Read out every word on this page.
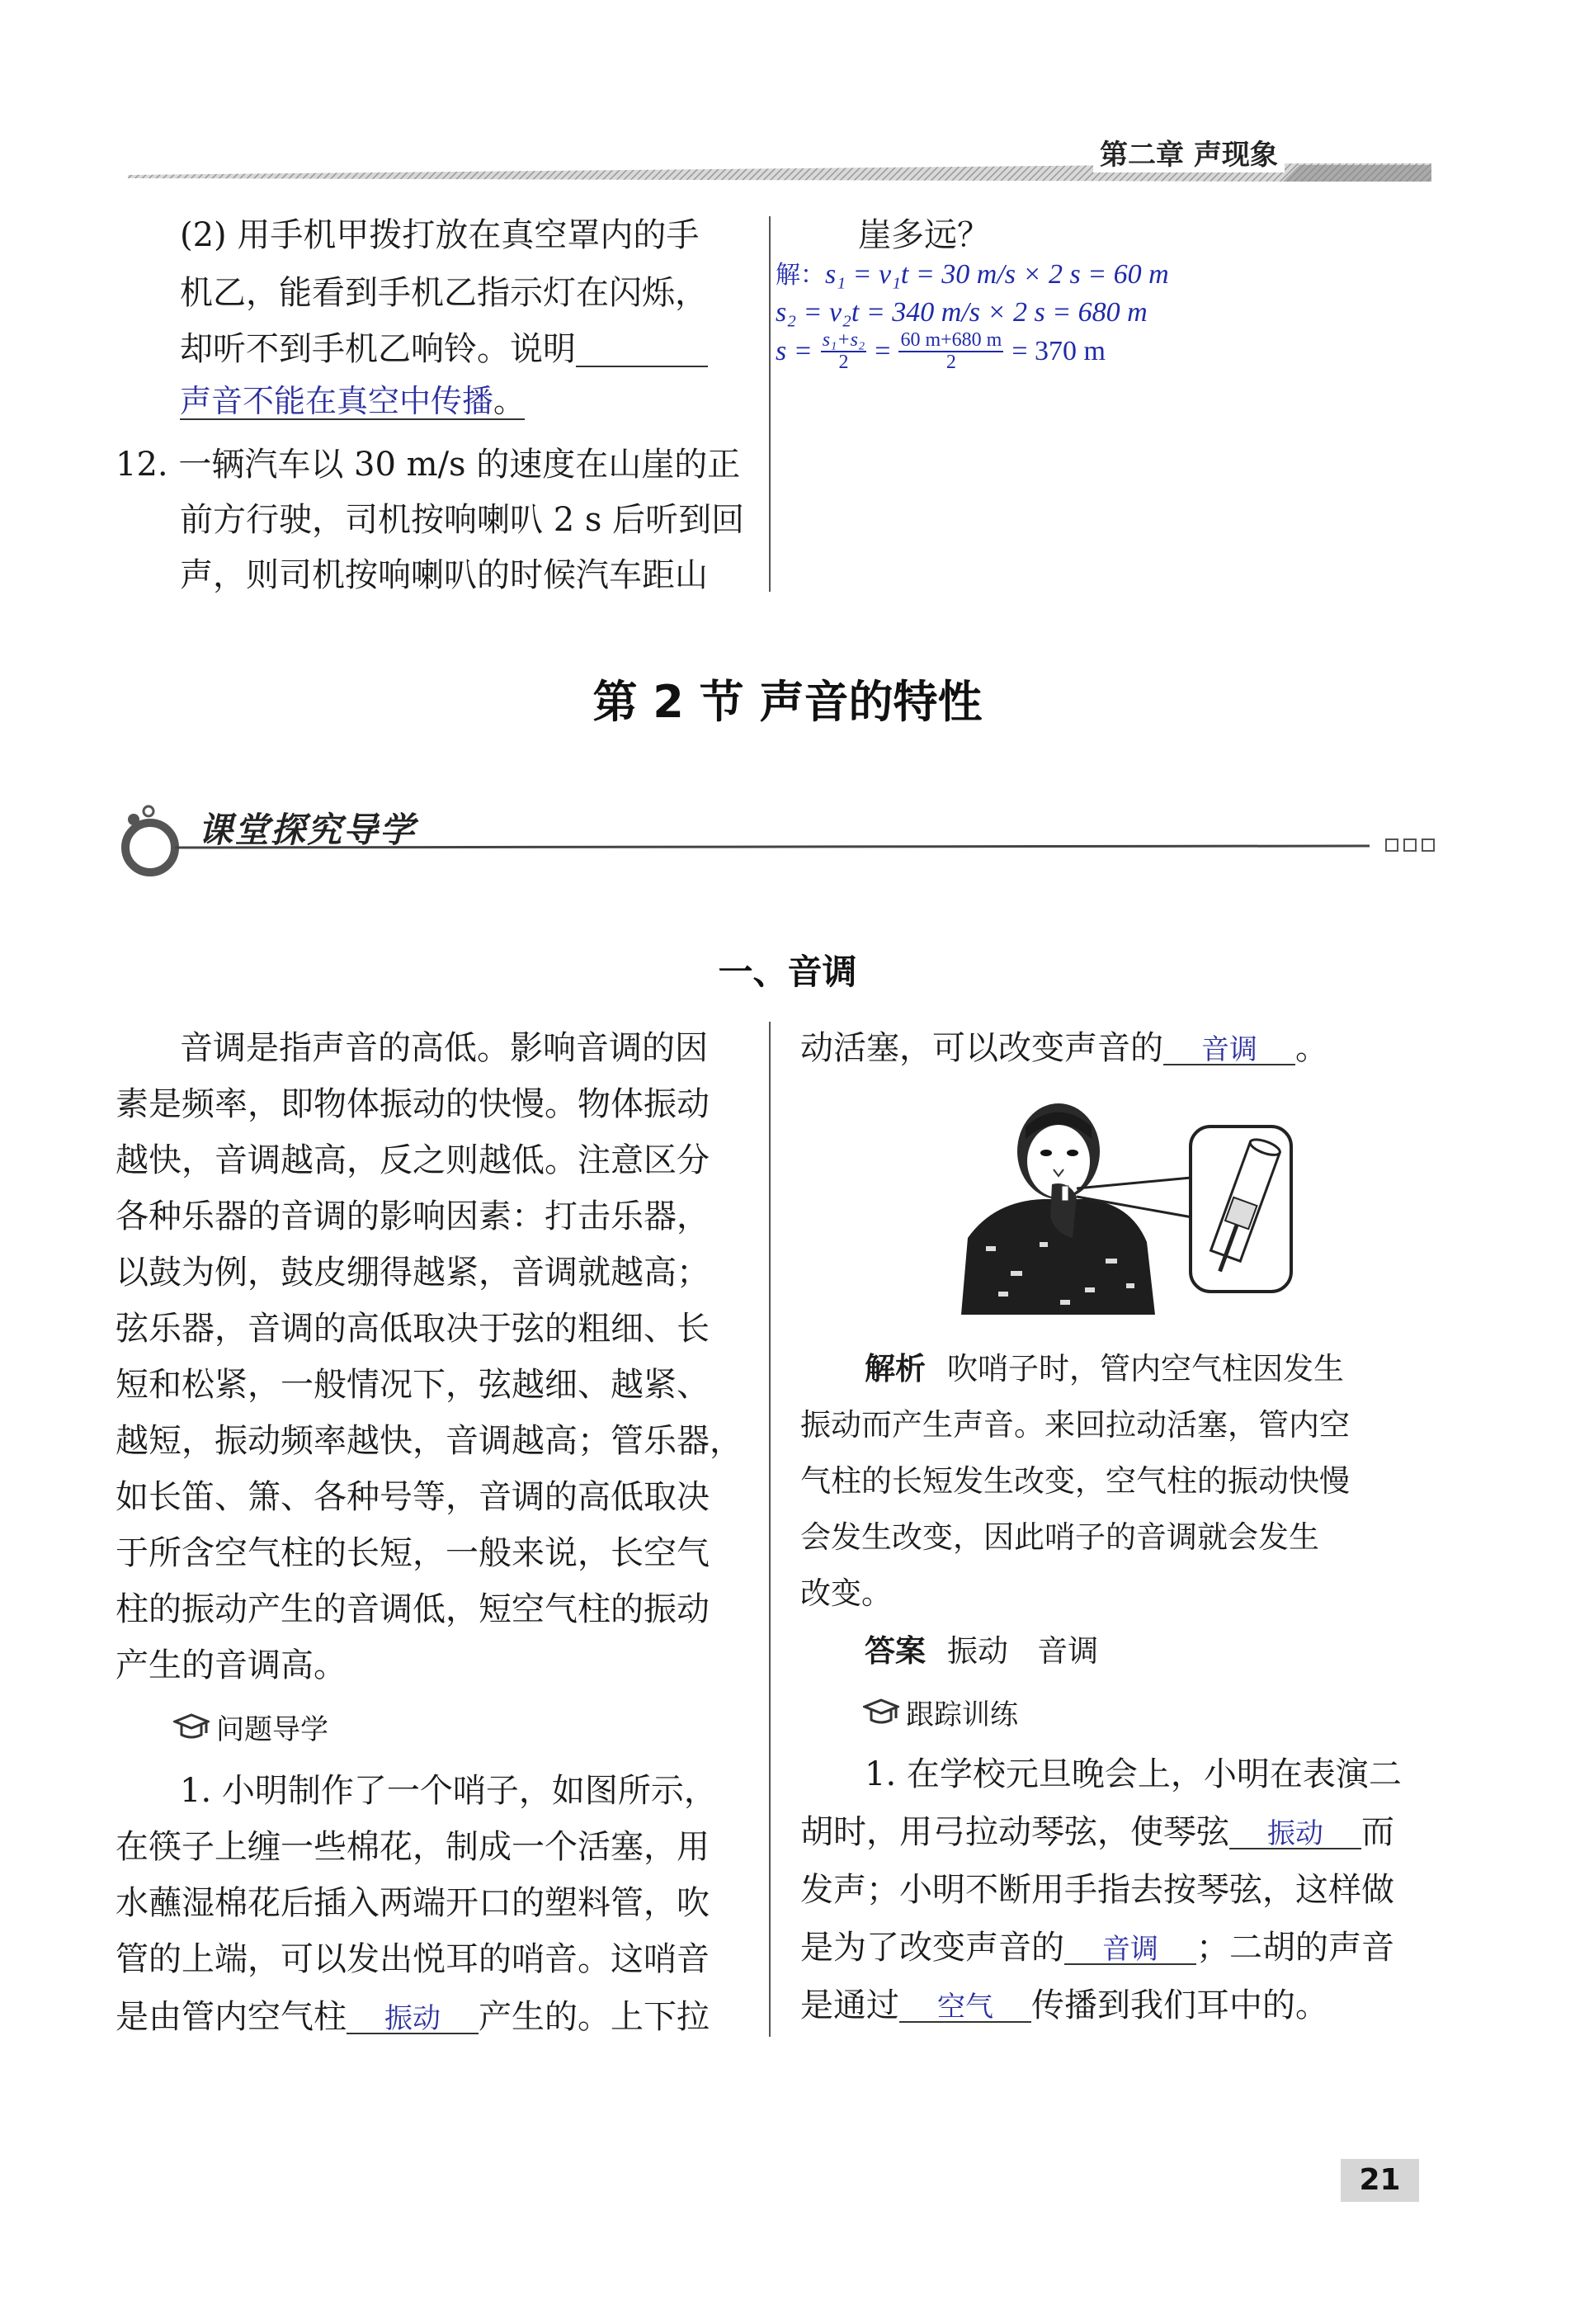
第二章 声现象
(2) 用手机甲拨打放在真空罩内的手
机乙，能看到手机乙指示灯在闪烁，
却听不到手机乙响铃。说明
声音不能在真空中传播。
12. 一辆汽车以 30 m/s 的速度在山崖的正
前方行驶，司机按响喇叭 2 s 后听到回
声，则司机按响喇叭的时候汽车距山
崖多远？
解：s₁ = v₁t = 30 m/s × 2 s = 60 m
s₂ = v₂t = 340 m/s × 2 s = 680 m
$s = \frac{\text{s₁+s₂}}{2} = \frac{60 m+680 m}{2} = 370$ m
第 2 节 声音的特性
课堂探究导学
一、音调
音调是指声音的高低。影响音调的因
素是频率，即物体振动的快慢。物体振动
越快，音调越高，反之则越低。注意区分
各种乐器的音调的影响因素：打击乐器，
以鼓为例，鼓皮绷得越紧，音调就越高；
弦乐器，音调的高低取决于弦的粗细、长
短和松紧，一般情况下，弦越细、越紧、
越短，振动频率越快，音调越高；管乐器，
如长笛、箫、各种号等，音调的高低取决
于所含空气柱的长短，一般来说，长空气
柱的振动产生的音调低，短空气柱的振动
产生的音调高。
问题导学
1. 小明制作了一个哨子，如图所示，
在筷子上缠一些棉花，制成一个活塞，用
水蘸湿棉花后插入两端开口的塑料管，吹
管的上端，可以发出悦耳的哨音。这哨音
是由管内空气柱 振动 产生的。上下拉
动活塞，可以改变声音的 音调 。
解析 吹哨子时，管内空气柱因发生
振动而产生声音。来回拉动活塞，管内空
气柱的长短发生改变，空气柱的振动快慢
会发生改变，因此哨子的音调就会发生
改变。
答案 振动   音调
跟踪训练
1. 在学校元旦晚会上，小明在表演二
胡时，用弓拉动琴弦，使琴弦 振动 而
发声；小明不断用手指去按琴弦，这样做
是为了改变声音的 音调 ；二胡的声音
是通过 空气 传播到我们耳中的。
21
